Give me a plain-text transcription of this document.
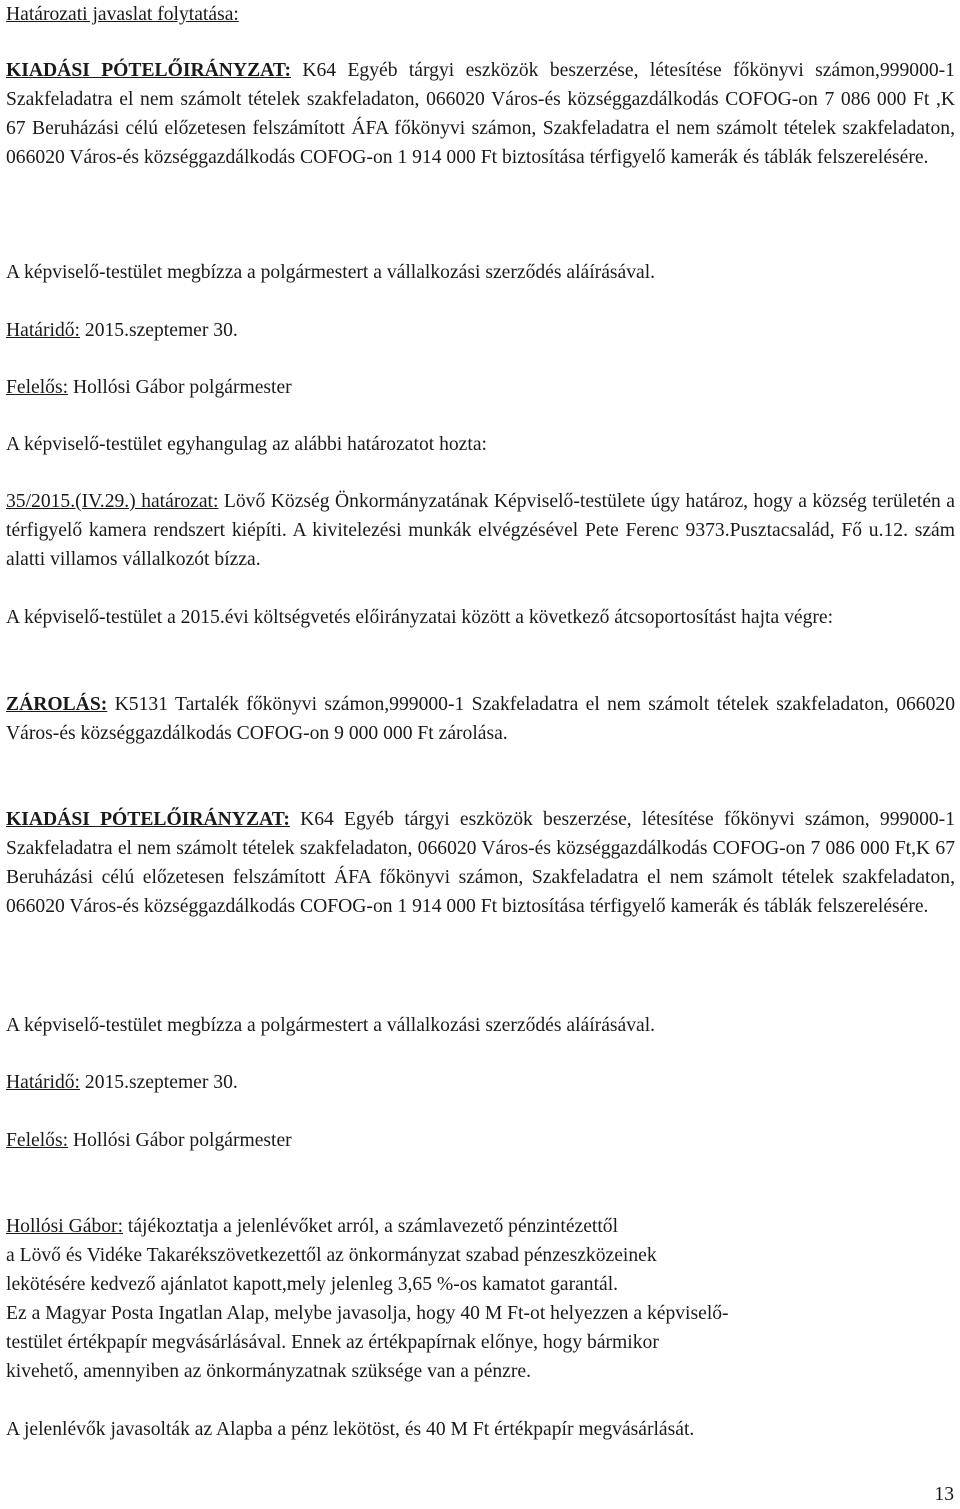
Határozati javaslat folytatása:

KIADÁSI PÓTELŐIRÁNYZAT: K64 Egyéb tárgyi eszközök beszerzése, létesítése főkönyvi számon,999000-1 Szakfeladatra el nem számolt tételek szakfeladaton, 066020 Város-és községgazdálkodás COFOG-on 7 086 000 Ft ,K 67 Beruházási célú előzetesen felszámított ÁFA főkönyvi számon, Szakfeladatra el nem számolt tételek szakfeladaton, 066020 Város-és községgazdálkodás COFOG-on 1 914 000 Ft biztosítása térfigyelő kamerák és táblák felszerelésére.

A képviselő-testület megbízza a polgármestert a vállalkozási szerződés aláírásával.

Határidő: 2015.szeptemer 30.

Felelős: Hollósi Gábor polgármester

A képviselő-testület egyhangulag az alábbi határozatot hozta:

35/2015.(IV.29.) határozat: Lövő Község Önkormányzatának Képviselő-testülete úgy határoz, hogy a község területén a térfigyelő kamera rendszert kiépíti. A kivitelezési munkák elvégzésével Pete Ferenc 9373.Pusztacsalád, Fő u.12. szám alatti villamos vállalkozót bízza.

A képviselő-testület a 2015.évi költségvetés előirányzatai között a következő átcsoportosítást hajta végre:

ZÁROLÁS: K5131 Tartalék főkönyvi számon,999000-1 Szakfeladatra el nem számolt tételek szakfeladaton, 066020 Város-és községgazdálkodás COFOG-on 9 000 000 Ft zárolása.

KIADÁSI PÓTELŐIRÁNYZAT: K64 Egyéb tárgyi eszközök beszerzése, létesítése főkönyvi számon, 999000-1 Szakfeladatra el nem számolt tételek szakfeladaton, 066020 Város-és községgazdálkodás COFOG-on 7 086 000 Ft,K 67 Beruházási célú előzetesen felszámított ÁFA főkönyvi számon, Szakfeladatra el nem számolt tételek szakfeladaton, 066020 Város-és községgazdálkodás COFOG-on 1 914 000 Ft biztosítása térfigyelő kamerák és táblák felszerelésére.

A képviselő-testület megbízza a polgármestert a vállalkozási szerződés aláírásával.

Határidő: 2015.szeptemer 30.

Felelős: Hollósi Gábor polgármester

Hollósi Gábor: tájékoztatja a jelenlévőket arról, a számlavezető pénzintézettől
a Lövő és Vidéke Takarékszövetkezettől az önkormányzat szabad pénzeszközeinek
lekötésére kedvező ajánlatot kapott,mely jelenleg 3,65 %-os kamatot garantál.
Ez a Magyar Posta Ingatlan Alap, melybe javasolja, hogy 40 M Ft-ot helyezzen a képviselő-
testület értékpapír megvásárlásával. Ennek az értékpapírnak előnye, hogy bármikor
kivehető, amennyiben az önkormányzatnak szüksége van a pénzre.

A jelenlévők javasolták az Alapba a pénz lekötöst, és 40 M Ft értékpapír megvásárlását.

13
